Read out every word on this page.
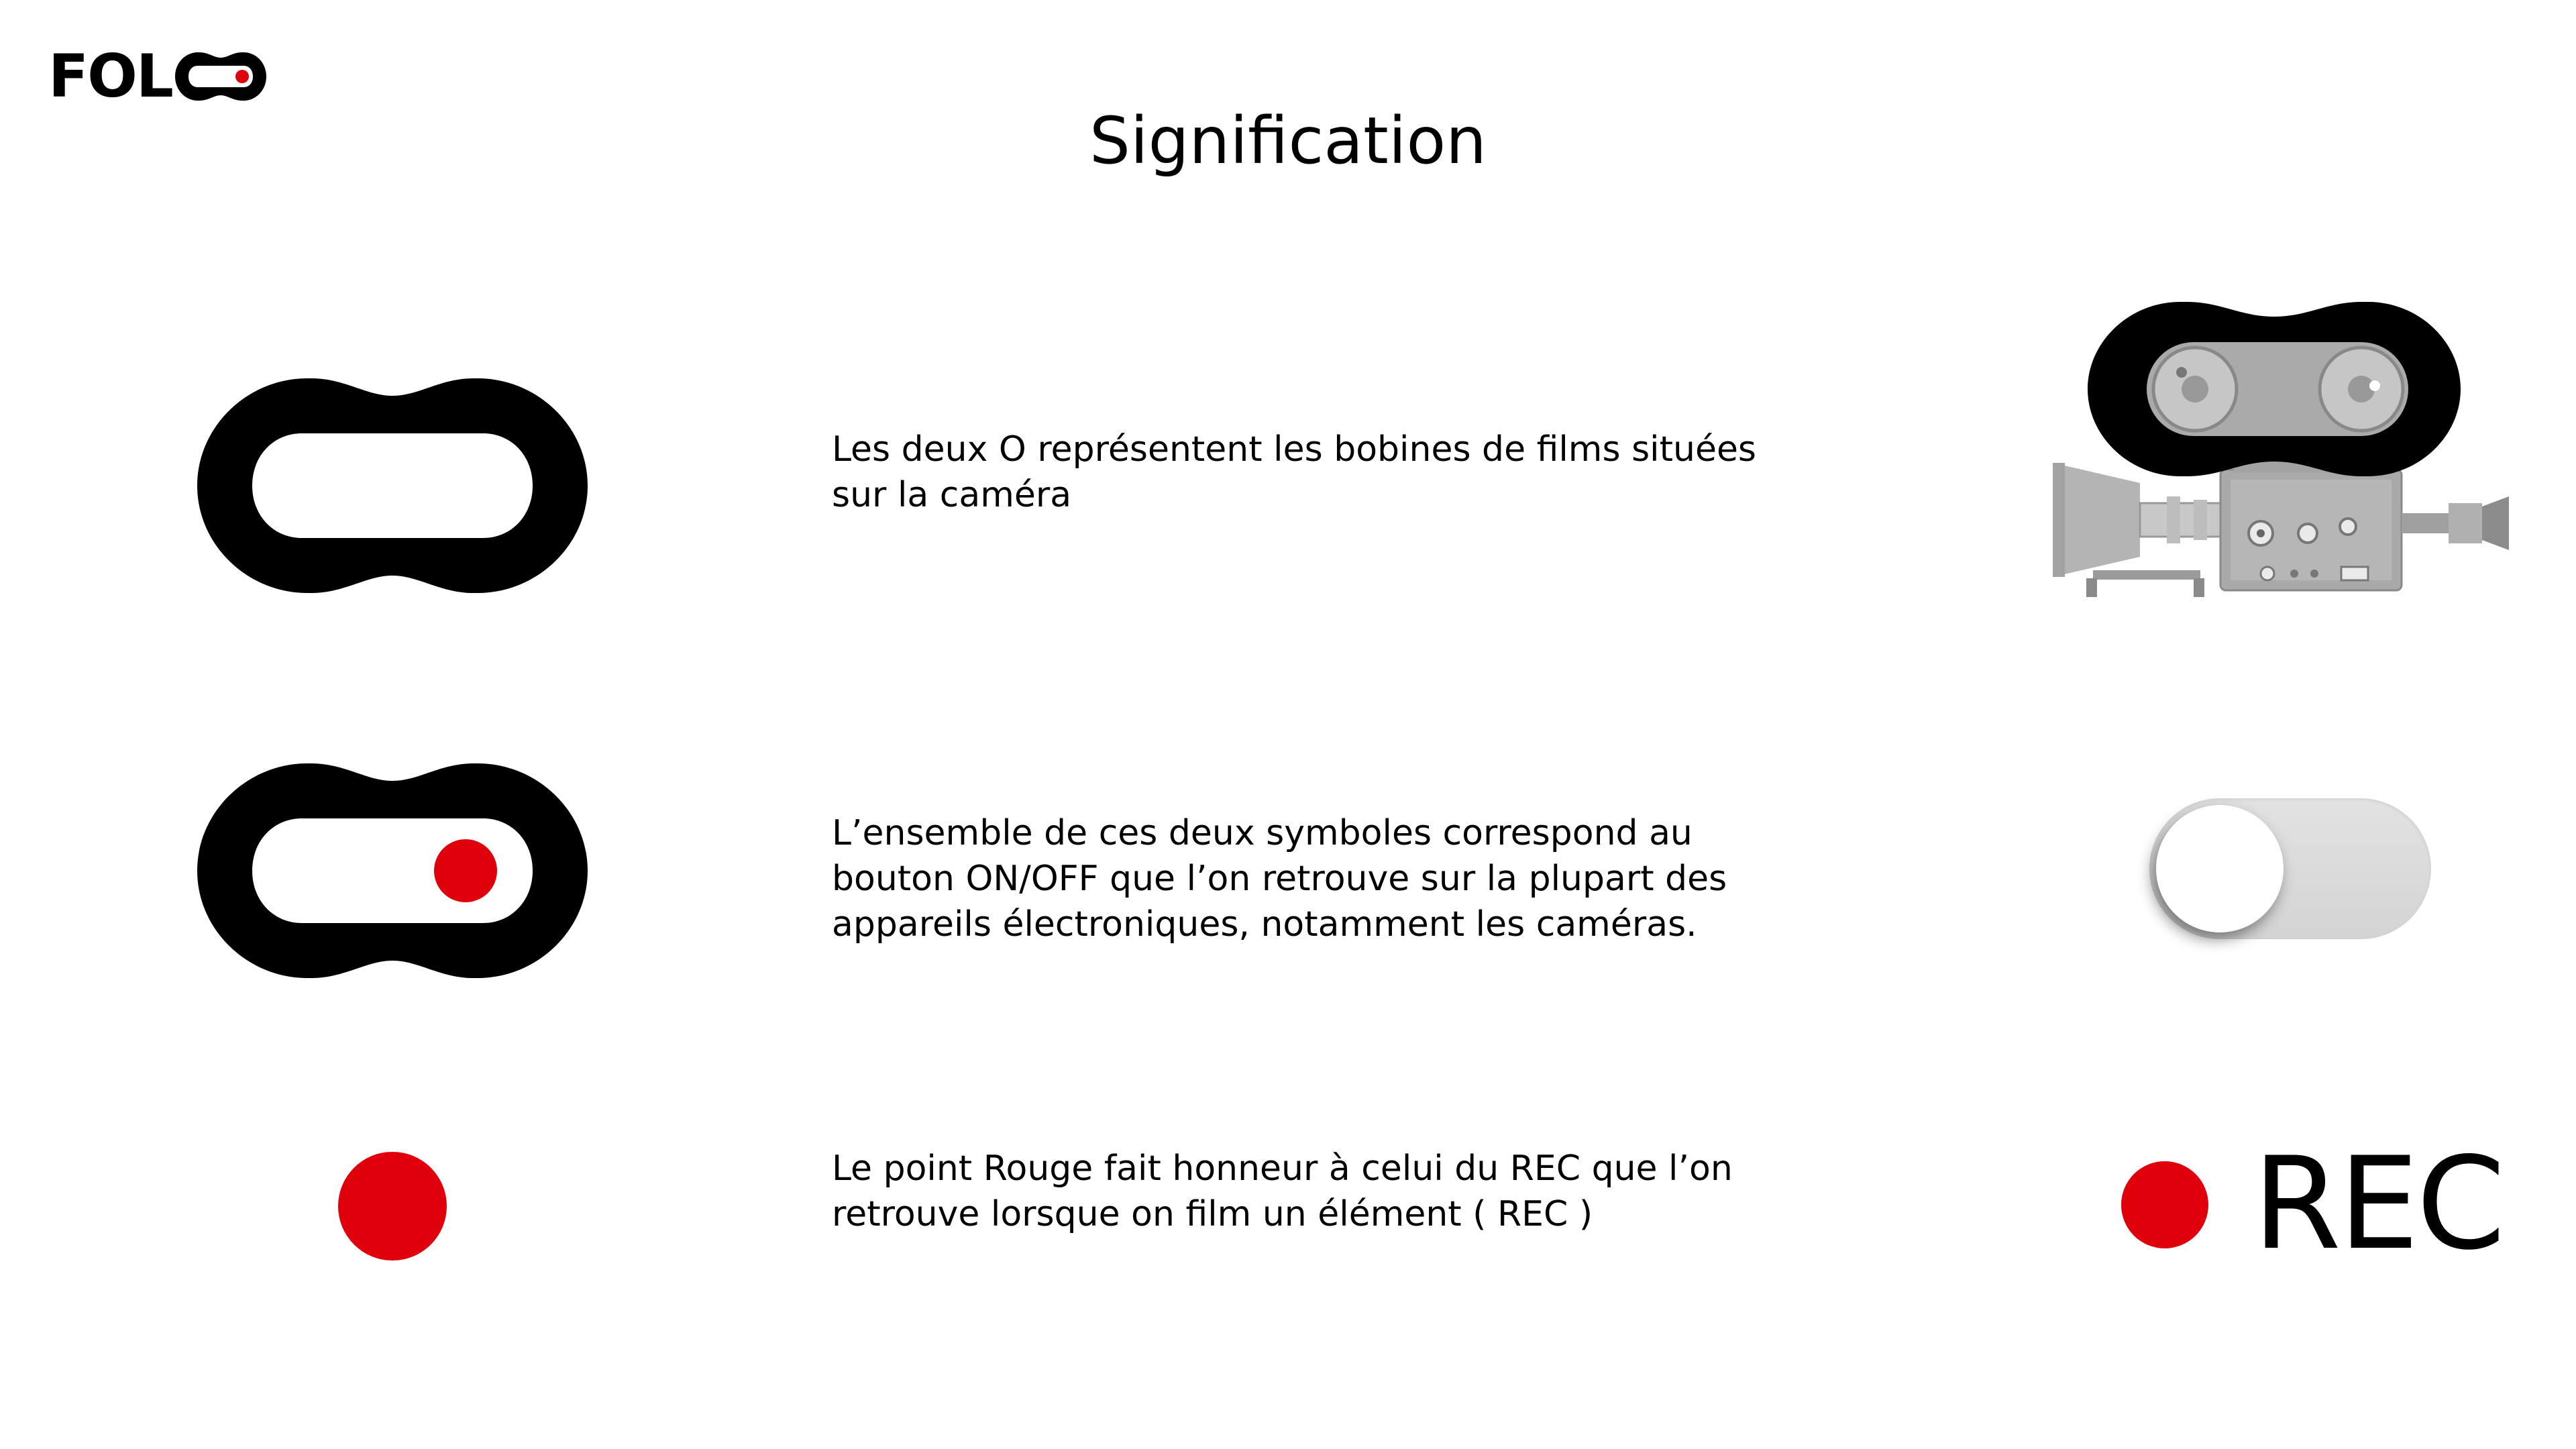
FOL
Signification

Les deux O représentent les bobines de films situées
sur la caméra

L’ensemble de ces deux symboles correspond au
bouton ON/OFF que l’on retrouve sur la plupart des
appareils électroniques, notamment les caméras.

Le point Rouge fait honneur à celui du REC que l’on
retrouve lorsque on film un élément ( REC )	REC
